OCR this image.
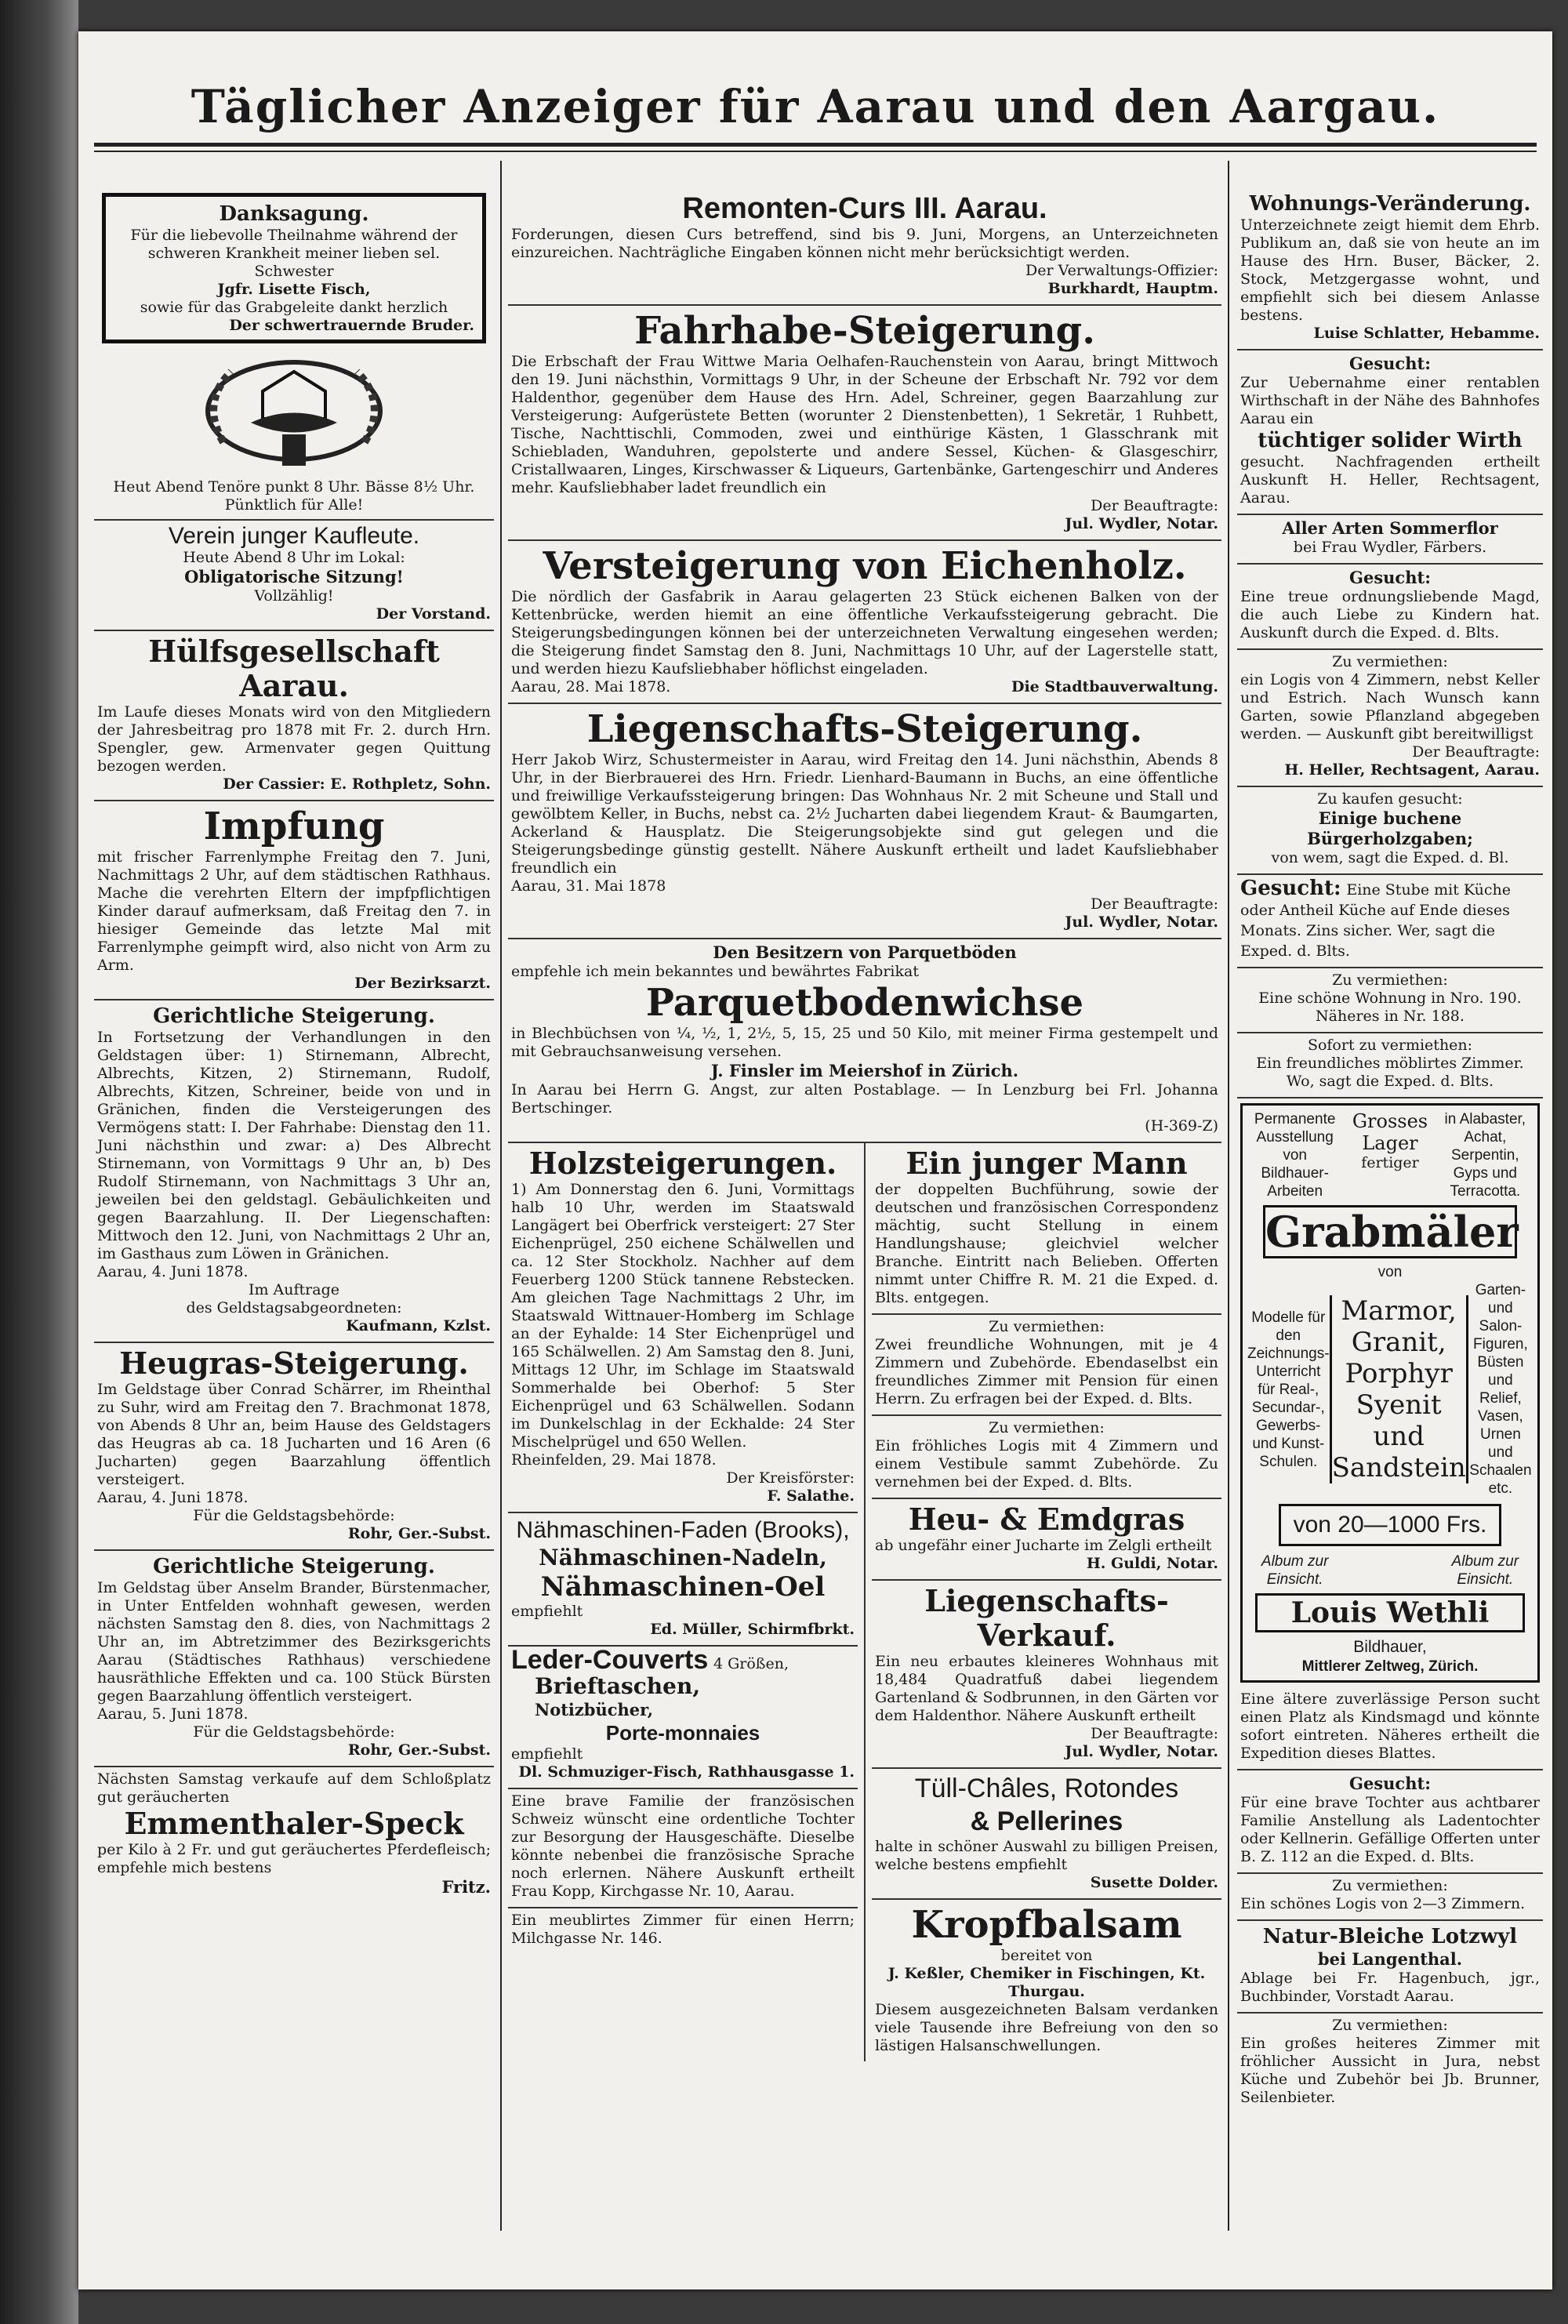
Täglicher Anzeiger für Aarau und den Aargau.
Danksagung.
Für die liebevolle Theilnahme während der schweren Krankheit meiner lieben sel. Schwester
Jgfr. Lisette Fisch,
sowie für das Grabgeleite dankt herzlich
Der schwertrauernde Bruder.
Heut Abend Tenöre punkt 8 Uhr. Bässe 8½ Uhr. Pünktlich für Alle!
Verein junger Kaufleute.
Heute Abend 8 Uhr im Lokal:
Obligatorische Sitzung!
Vollzählig!
Der Vorstand.
Hülfsgesellschaft Aarau.
Im Laufe dieses Monats wird von den Mitgliedern der Jahresbeitrag pro 1878 mit Fr. 2. durch Hrn. Spengler, gew. Armenvater gegen Quittung bezogen werden.
Der Cassier: E. Rothpletz, Sohn.
Impfung
mit frischer Farrenlymphe Freitag den 7. Juni, Nachmittags 2 Uhr, auf dem städtischen Rathhaus. Mache die verehrten Eltern der impfpflichtigen Kinder darauf aufmerksam, daß Freitag den 7. in hiesiger Gemeinde das letzte Mal mit Farrenlymphe geimpft wird, also nicht von Arm zu Arm.
Der Bezirksarzt.
Gerichtliche Steigerung.
In Fortsetzung der Verhandlungen in den Geldstagen über: 1) Stirnemann, Albrecht, Albrechts, Kitzen, 2) Stirnemann, Rudolf, Albrechts, Kitzen, Schreiner, beide von und in Gränichen, finden die Versteigerungen des Vermögens statt: I. Der Fahrhabe: Dienstag den 11. Juni nächsthin und zwar: a) Des Albrecht Stirnemann, von Vormittags 9 Uhr an, b) Des Rudolf Stirnemann, von Nachmittags 3 Uhr an, jeweilen bei den geldstagl. Gebäulichkeiten und gegen Baarzahlung. II. Der Liegenschaften: Mittwoch den 12. Juni, von Nachmittags 2 Uhr an, im Gasthaus zum Löwen in Gränichen.
Aarau, 4. Juni 1878.
Im Auftrage
des Geldstagsabgeordneten:
Kaufmann, Kzlst.
Heugras-Steigerung.
Im Geldstage über Conrad Schärrer, im Rheinthal zu Suhr, wird am Freitag den 7. Brachmonat 1878, von Abends 8 Uhr an, beim Hause des Geldstagers das Heugras ab ca. 18 Jucharten und 16 Aren (6 Jucharten) gegen Baarzahlung öffentlich versteigert.
Aarau, 4. Juni 1878.
Für die Geldstagsbehörde:
Rohr, Ger.-Subst.
Gerichtliche Steigerung.
Im Geldstag über Anselm Brander, Bürstenmacher, in Unter Entfelden wohnhaft gewesen, werden nächsten Samstag den 8. dies, von Nachmittags 2 Uhr an, im Abtretzimmer des Bezirksgerichts Aarau (Städtisches Rathhaus) verschiedene hausräthliche Effekten und ca. 100 Stück Bürsten gegen Baarzahlung öffentlich versteigert.
Aarau, 5. Juni 1878.
Für die Geldstagsbehörde:
Rohr, Ger.-Subst.
Nächsten Samstag verkaufe auf dem Schloßplatz gut geräucherten
Emmenthaler-Speck
per Kilo à 2 Fr. und gut geräuchertes Pferdefleisch; empfehle mich bestens
Fritz.
Remonten-Curs III. Aarau.
Forderungen, diesen Curs betreffend, sind bis 9. Juni, Morgens, an Unterzeichneten einzureichen. Nachträgliche Eingaben können nicht mehr berücksichtigt werden.
Der Verwaltungs-Offizier:
Burkhardt, Hauptm.
Fahrhabe-Steigerung.
Die Erbschaft der Frau Wittwe Maria Oelhafen-Rauchenstein von Aarau, bringt Mittwoch den 19. Juni nächsthin, Vormittags 9 Uhr, in der Scheune der Erbschaft Nr. 792 vor dem Haldenthor, gegenüber dem Hause des Hrn. Adel, Schreiner, gegen Baarzahlung zur Versteigerung: Aufgerüstete Betten (worunter 2 Dienstenbetten), 1 Sekretär, 1 Ruhbett, Tische, Nachttischli, Commoden, zwei und einthürige Kästen, 1 Glasschrank mit Schiebladen, Wanduhren, gepolsterte und andere Sessel, Küchen- & Glasgeschirr, Cristallwaaren, Linges, Kirschwasser & Liqueurs, Gartenbänke, Gartengeschirr und Anderes mehr. Kaufsliebhaber ladet freundlich ein
Der Beauftragte:
Jul. Wydler, Notar.
Versteigerung von Eichenholz.
Die nördlich der Gasfabrik in Aarau gelagerten 23 Stück eichenen Balken von der Kettenbrücke, werden hiemit an eine öffentliche Verkaufssteigerung gebracht. Die Steigerungsbedingungen können bei der unterzeichneten Verwaltung eingesehen werden; die Steigerung findet Samstag den 8. Juni, Nachmittags 10 Uhr, auf der Lagerstelle statt, und werden hiezu Kaufsliebhaber höflichst eingeladen.
Aarau, 28. Mai 1878.	Die Stadtbauverwaltung.
Liegenschafts-Steigerung.
Herr Jakob Wirz, Schustermeister in Aarau, wird Freitag den 14. Juni nächsthin, Abends 8 Uhr, in der Bierbrauerei des Hrn. Friedr. Lienhard-Baumann in Buchs, an eine öffentliche und freiwillige Verkaufssteigerung bringen: Das Wohnhaus Nr. 2 mit Scheune und Stall und gewölbtem Keller, in Buchs, nebst ca. 2½ Jucharten dabei liegendem Kraut- & Baumgarten, Ackerland & Hausplatz. Die Steigerungsobjekte sind gut gelegen und die Steigerungsbedinge günstig gestellt. Nähere Auskunft ertheilt und ladet Kaufsliebhaber freundlich ein
Aarau, 31. Mai 1878
Der Beauftragte:
Jul. Wydler, Notar.
Den Besitzern von Parquetböden
empfehle ich mein bekanntes und bewährtes Fabrikat
Parquetbodenwichse
in Blechbüchsen von ¼, ½, 1, 2½, 5, 15, 25 und 50 Kilo, mit meiner Firma gestempelt und mit Gebrauchsanweisung versehen.
J. Finsler im Meiershof in Zürich.
In Aarau bei Herrn G. Angst, zur alten Postablage. — In Lenzburg bei Frl. Johanna Bertschinger.
(H-369-Z)
Holzsteigerungen.
1) Am Donnerstag den 6. Juni, Vormittags halb 10 Uhr, werden im Staatswald Langägert bei Oberfrick versteigert: 27 Ster Eichenprügel, 250 eichene Schälwellen und ca. 12 Ster Stockholz. Nachher auf dem Feuerberg 1200 Stück tannene Rebstecken. Am gleichen Tage Nachmittags 2 Uhr, im Staatswald Wittnauer-Homberg im Schlage an der Eyhalde: 14 Ster Eichenprügel und 165 Schälwellen. 2) Am Samstag den 8. Juni, Mittags 12 Uhr, im Schlage im Staatswald Sommerhalde bei Oberhof: 5 Ster Eichenprügel und 63 Schälwellen. Sodann im Dunkelschlag in der Eckhalde: 24 Ster Mischelprügel und 650 Wellen.
Rheinfelden, 29. Mai 1878.
Der Kreisförster:
F. Salathe.
Nähmaschinen-Faden (Brooks),
Nähmaschinen-Nadeln,
Nähmaschinen-Oel
empfiehlt
Ed. Müller, Schirmfbrkt.
Leder-Couverts 4 Größen,
Brieftaschen,
Notizbücher,
Porte-monnaies
empfiehlt
Dl. Schmuziger-Fisch, Rathhausgasse 1.
Eine brave Familie der französischen Schweiz wünscht eine ordentliche Tochter zur Besorgung der Hausgeschäfte. Dieselbe könnte nebenbei die französische Sprache noch erlernen. Nähere Auskunft ertheilt Frau Kopp, Kirchgasse Nr. 10, Aarau.
Ein meublirtes Zimmer für einen Herrn; Milchgasse Nr. 146.
Ein junger Mann
der doppelten Buchführung, sowie der deutschen und französischen Correspondenz mächtig, sucht Stellung in einem Handlungshause; gleichviel welcher Branche. Eintritt nach Belieben. Offerten nimmt unter Chiffre R. M. 21 die Exped. d. Blts. entgegen.
Zu vermiethen:
Zwei freundliche Wohnungen, mit je 4 Zimmern und Zubehörde. Ebendaselbst ein freundliches Zimmer mit Pension für einen Herrn. Zu erfragen bei der Exped. d. Blts.
Zu vermiethen:
Ein fröhliches Logis mit 4 Zimmern und einem Vestibule sammt Zubehörde. Zu vernehmen bei der Exped. d. Blts.
Heu- & Emdgras
ab ungefähr einer Jucharte im Zelgli ertheilt
H. Guldi, Notar.
Liegenschafts-Verkauf.
Ein neu erbautes kleineres Wohnhaus mit 18,484 Quadratfuß dabei liegendem Gartenland & Sodbrunnen, in den Gärten vor dem Haldenthor. Nähere Auskunft ertheilt
Der Beauftragte:
Jul. Wydler, Notar.
Tüll-Châles, Rotondes
& Pellerines
halte in schöner Auswahl zu billigen Preisen, welche bestens empfiehlt
Susette Dolder.
Kropfbalsam
bereitet von
J. Keßler, Chemiker in Fischingen, Kt. Thurgau.
Diesem ausgezeichneten Balsam verdanken viele Tausende ihre Befreiung von den so lästigen Halsanschwellungen.
Wohnungs-Veränderung.
Unterzeichnete zeigt hiemit dem Ehrb. Publikum an, daß sie von heute an im Hause des Hrn. Buser, Bäcker, 2. Stock, Metzgergasse wohnt, und empfiehlt sich bei diesem Anlasse bestens.
Luise Schlatter, Hebamme.
Gesucht:
Zur Uebernahme einer rentablen Wirthschaft in der Nähe des Bahnhofes Aarau ein
tüchtiger solider Wirth
gesucht. Nachfragenden ertheilt Auskunft H. Heller, Rechtsagent, Aarau.
Aller Arten Sommerflor
bei Frau Wydler, Färbers.
Gesucht:
Eine treue ordnungsliebende Magd, die auch Liebe zu Kindern hat. Auskunft durch die Exped. d. Blts.
Zu vermiethen:
ein Logis von 4 Zimmern, nebst Keller und Estrich. Nach Wunsch kann Garten, sowie Pflanzland abgegeben werden. — Auskunft gibt bereitwilligst
Der Beauftragte:
H. Heller, Rechtsagent, Aarau.
Zu kaufen gesucht:
Einige buchene Bürgerholzgaben;
von wem, sagt die Exped. d. Bl.
Gesucht: Eine Stube mit Küche oder Antheil Küche auf Ende dieses Monats. Zins sicher. Wer, sagt die Exped. d. Blts.
Zu vermiethen:
Eine schöne Wohnung in Nro. 190. Näheres in Nr. 188.
Sofort zu vermiethen:
Ein freundliches möblirtes Zimmer. Wo, sagt die Exped. d. Blts.
Permanente Ausstellung von Bildhauer-Arbeiten
Grosses
Lager
fertiger
in Alabaster, Achat, Serpentin, Gyps und Terracotta.
Grabmäler
von
Modelle für den Zeichnungs-Unterricht für Real-, Secundar-, Gewerbs- und Kunst-Schulen.
Marmor, Granit, Porphyr Syenit und Sandstein
Garten- und Salon-Figuren, Büsten und Relief, Vasen, Urnen und Schaalen etc.
von 20—1000 Frs.
Album zur Einsicht.
Album zur Einsicht.
Louis Wethli
Bildhauer,
Mittlerer Zeltweg, Zürich.
Eine ältere zuverlässige Person sucht einen Platz als Kindsmagd und könnte sofort eintreten. Näheres ertheilt die Expedition dieses Blattes.
Gesucht:
Für eine brave Tochter aus achtbarer Familie Anstellung als Ladentochter oder Kellnerin. Gefällige Offerten unter B. Z. 112 an die Exped. d. Blts.
Zu vermiethen:
Ein schönes Logis von 2—3 Zimmern.
Natur-Bleiche Lotzwyl
bei Langenthal.
Ablage bei Fr. Hagenbuch, jgr., Buchbinder, Vorstadt Aarau.
Zu vermiethen:
Ein großes heiteres Zimmer mit fröhlicher Aussicht in Jura, nebst Küche und Zubehör bei Jb. Brunner, Seilenbieter.
